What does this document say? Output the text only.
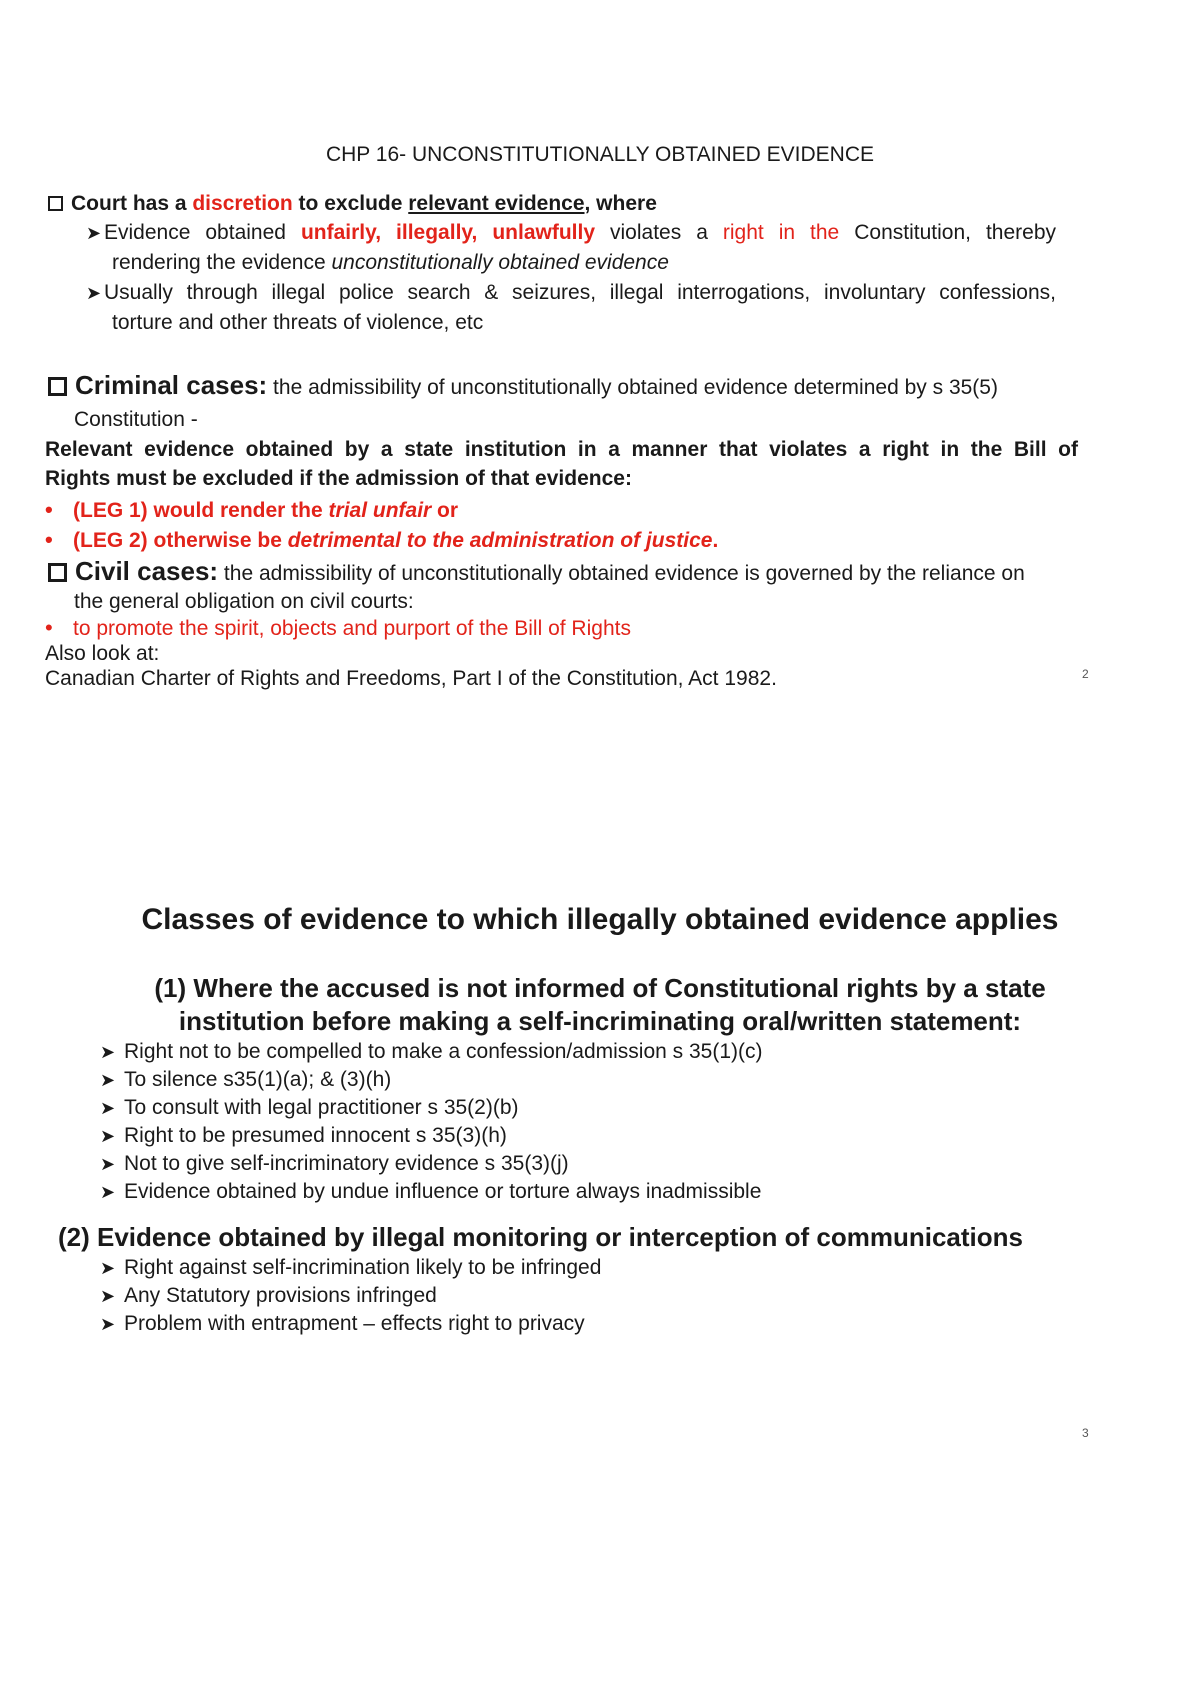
CHP 16- UNCONSTITUTIONALLY OBTAINED EVIDENCE
Court has a discretion to exclude relevant evidence, where
➤ Evidence obtained unfairly, illegally, unlawfully violates a right in the Constitution, thereby
rendering the evidence unconstitutionally obtained evidence
➤ Usually through illegal police search & seizures, illegal interrogations, involuntary confessions,
torture and other threats of violence, etc
Criminal cases: the admissibility of unconstitutionally obtained evidence determined by s 35(5)
Constitution -
Relevant evidence obtained by a state institution in a manner that violates a right in the Bill of
Rights must be excluded if the admission of that evidence:
• (LEG 1) would render the trial unfair or
• (LEG 2) otherwise be detrimental to the administration of justice.
Civil cases: the admissibility of unconstitutionally obtained evidence is governed by the reliance on
the general obligation on civil courts:
• to promote the spirit, objects and purport of the Bill of Rights
Also look at:
Canadian Charter of Rights and Freedoms, Part I of the Constitution, Act 1982.	2
Classes of evidence to which illegally obtained evidence applies
(1) Where the accused is not informed of Constitutional rights by a state
institution before making a self-incriminating oral/written statement:
➤ Right not to be compelled to make a confession/admission s 35(1)(c)
➤ To silence s35(1)(a); & (3)(h)
➤ To consult with legal practitioner s 35(2)(b)
➤ Right to be presumed innocent s 35(3)(h)
➤ Not to give self-incriminatory evidence s 35(3)(j)
➤ Evidence obtained by undue influence or torture always inadmissible
(2) Evidence obtained by illegal monitoring or interception of communications
➤ Right against self-incrimination likely to be infringed
➤ Any Statutory provisions infringed
➤ Problem with entrapment – effects right to privacy
3
